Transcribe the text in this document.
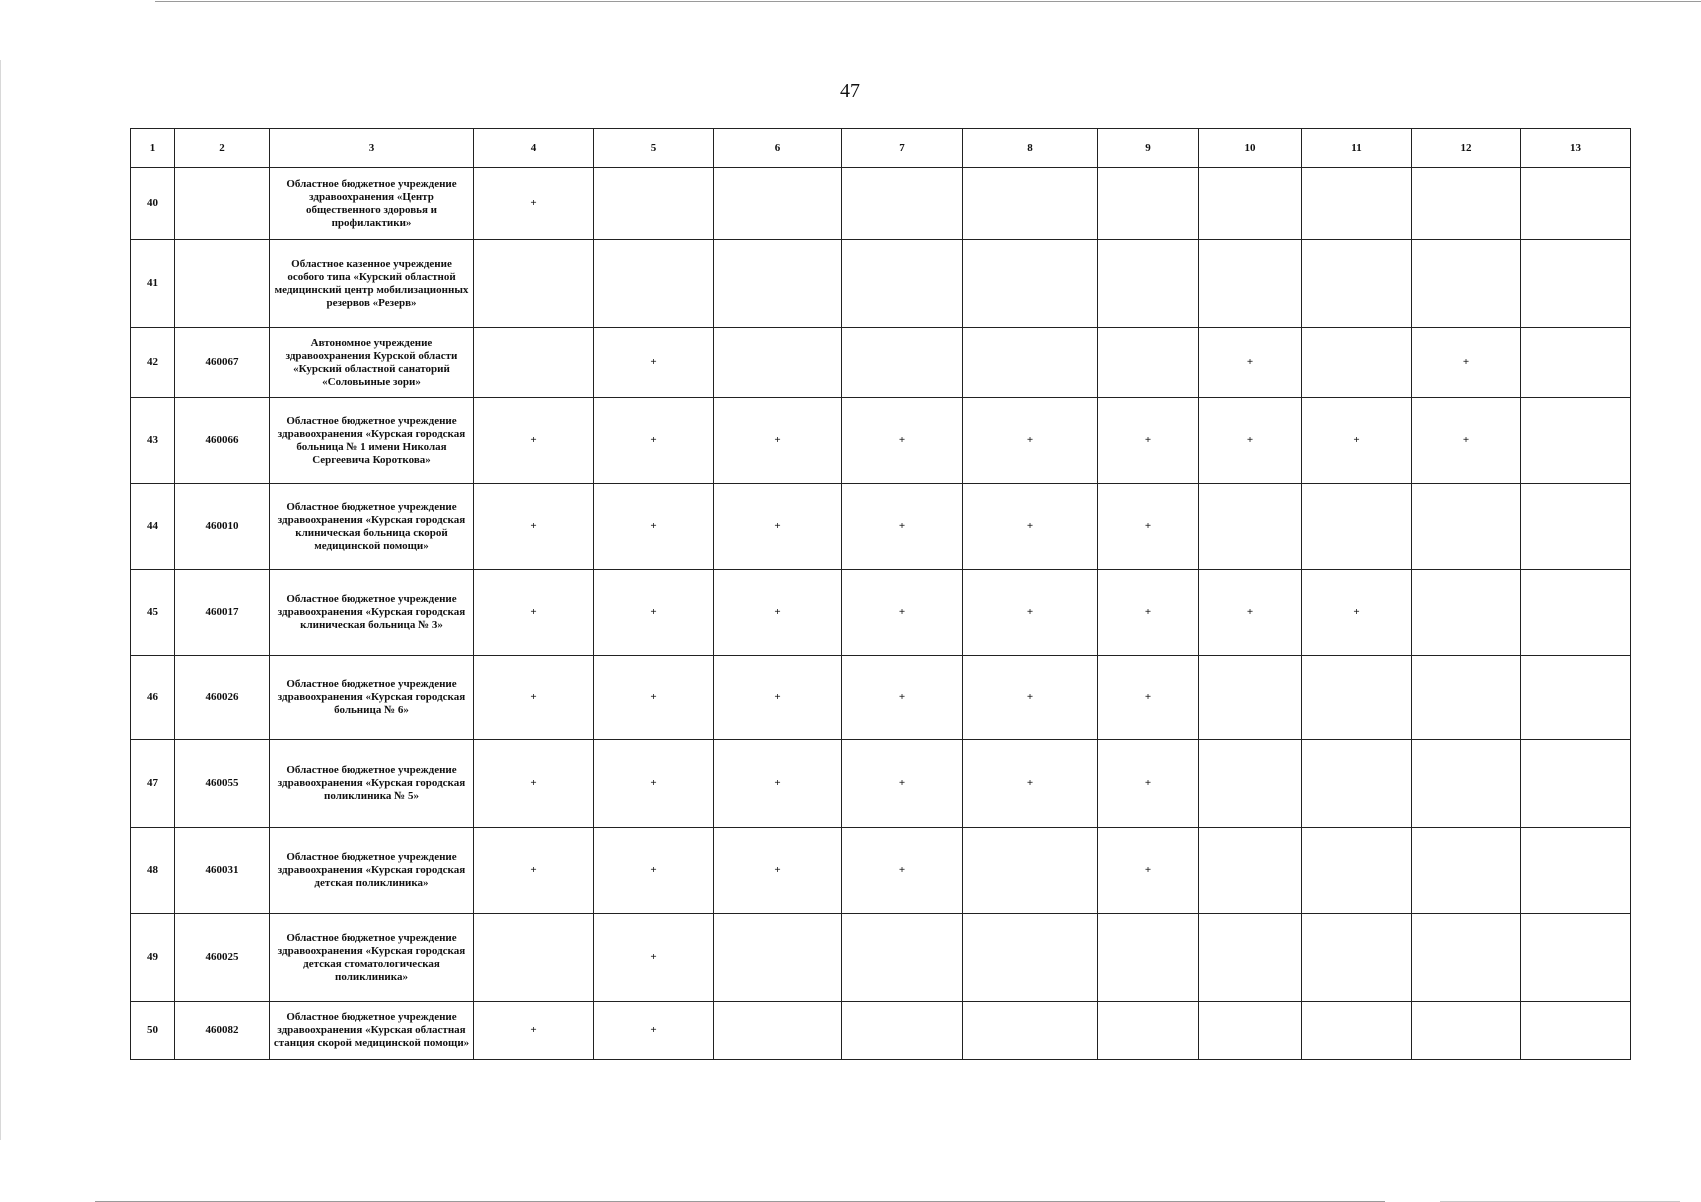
47
1	2	3	4	5	6	7	8	9	10	11	12	13
40		Областное бюджетное учреждение здравоохранения «Центр общественного здоровья и профилактики»	+									
41		Областное казенное учреждение особого типа «Курский областной медицинский центр мобилизационных резервов «Резерв»										
42	460067	Автономное учреждение здравоохранения Курской области «Курский областной санаторий «Соловьиные зори»		+					+		+	
43	460066	Областное бюджетное учреждение здравоохранения «Курская городская больница № 1 имени Николая Сергеевича Короткова»	+	+	+	+	+	+	+	+	+	
44	460010	Областное бюджетное учреждение здравоохранения «Курская городская клиническая больница скорой медицинской помощи»	+	+	+	+	+	+				
45	460017	Областное бюджетное учреждение здравоохранения «Курская городская клиническая больница № 3»	+	+	+	+	+	+	+	+		
46	460026	Областное бюджетное учреждение здравоохранения «Курская городская больница № 6»	+	+	+	+	+	+				
47	460055	Областное бюджетное учреждение здравоохранения «Курская городская поликлиника № 5»	+	+	+	+	+	+				
48	460031	Областное бюджетное учреждение здравоохранения «Курская городская детская поликлиника»	+	+	+	+		+				
49	460025	Областное бюджетное учреждение здравоохранения «Курская городская детская стоматологическая поликлиника»		+								
50	460082	Областное бюджетное учреждение здравоохранения «Курская областная станция скорой медицинской помощи»	+	+								
